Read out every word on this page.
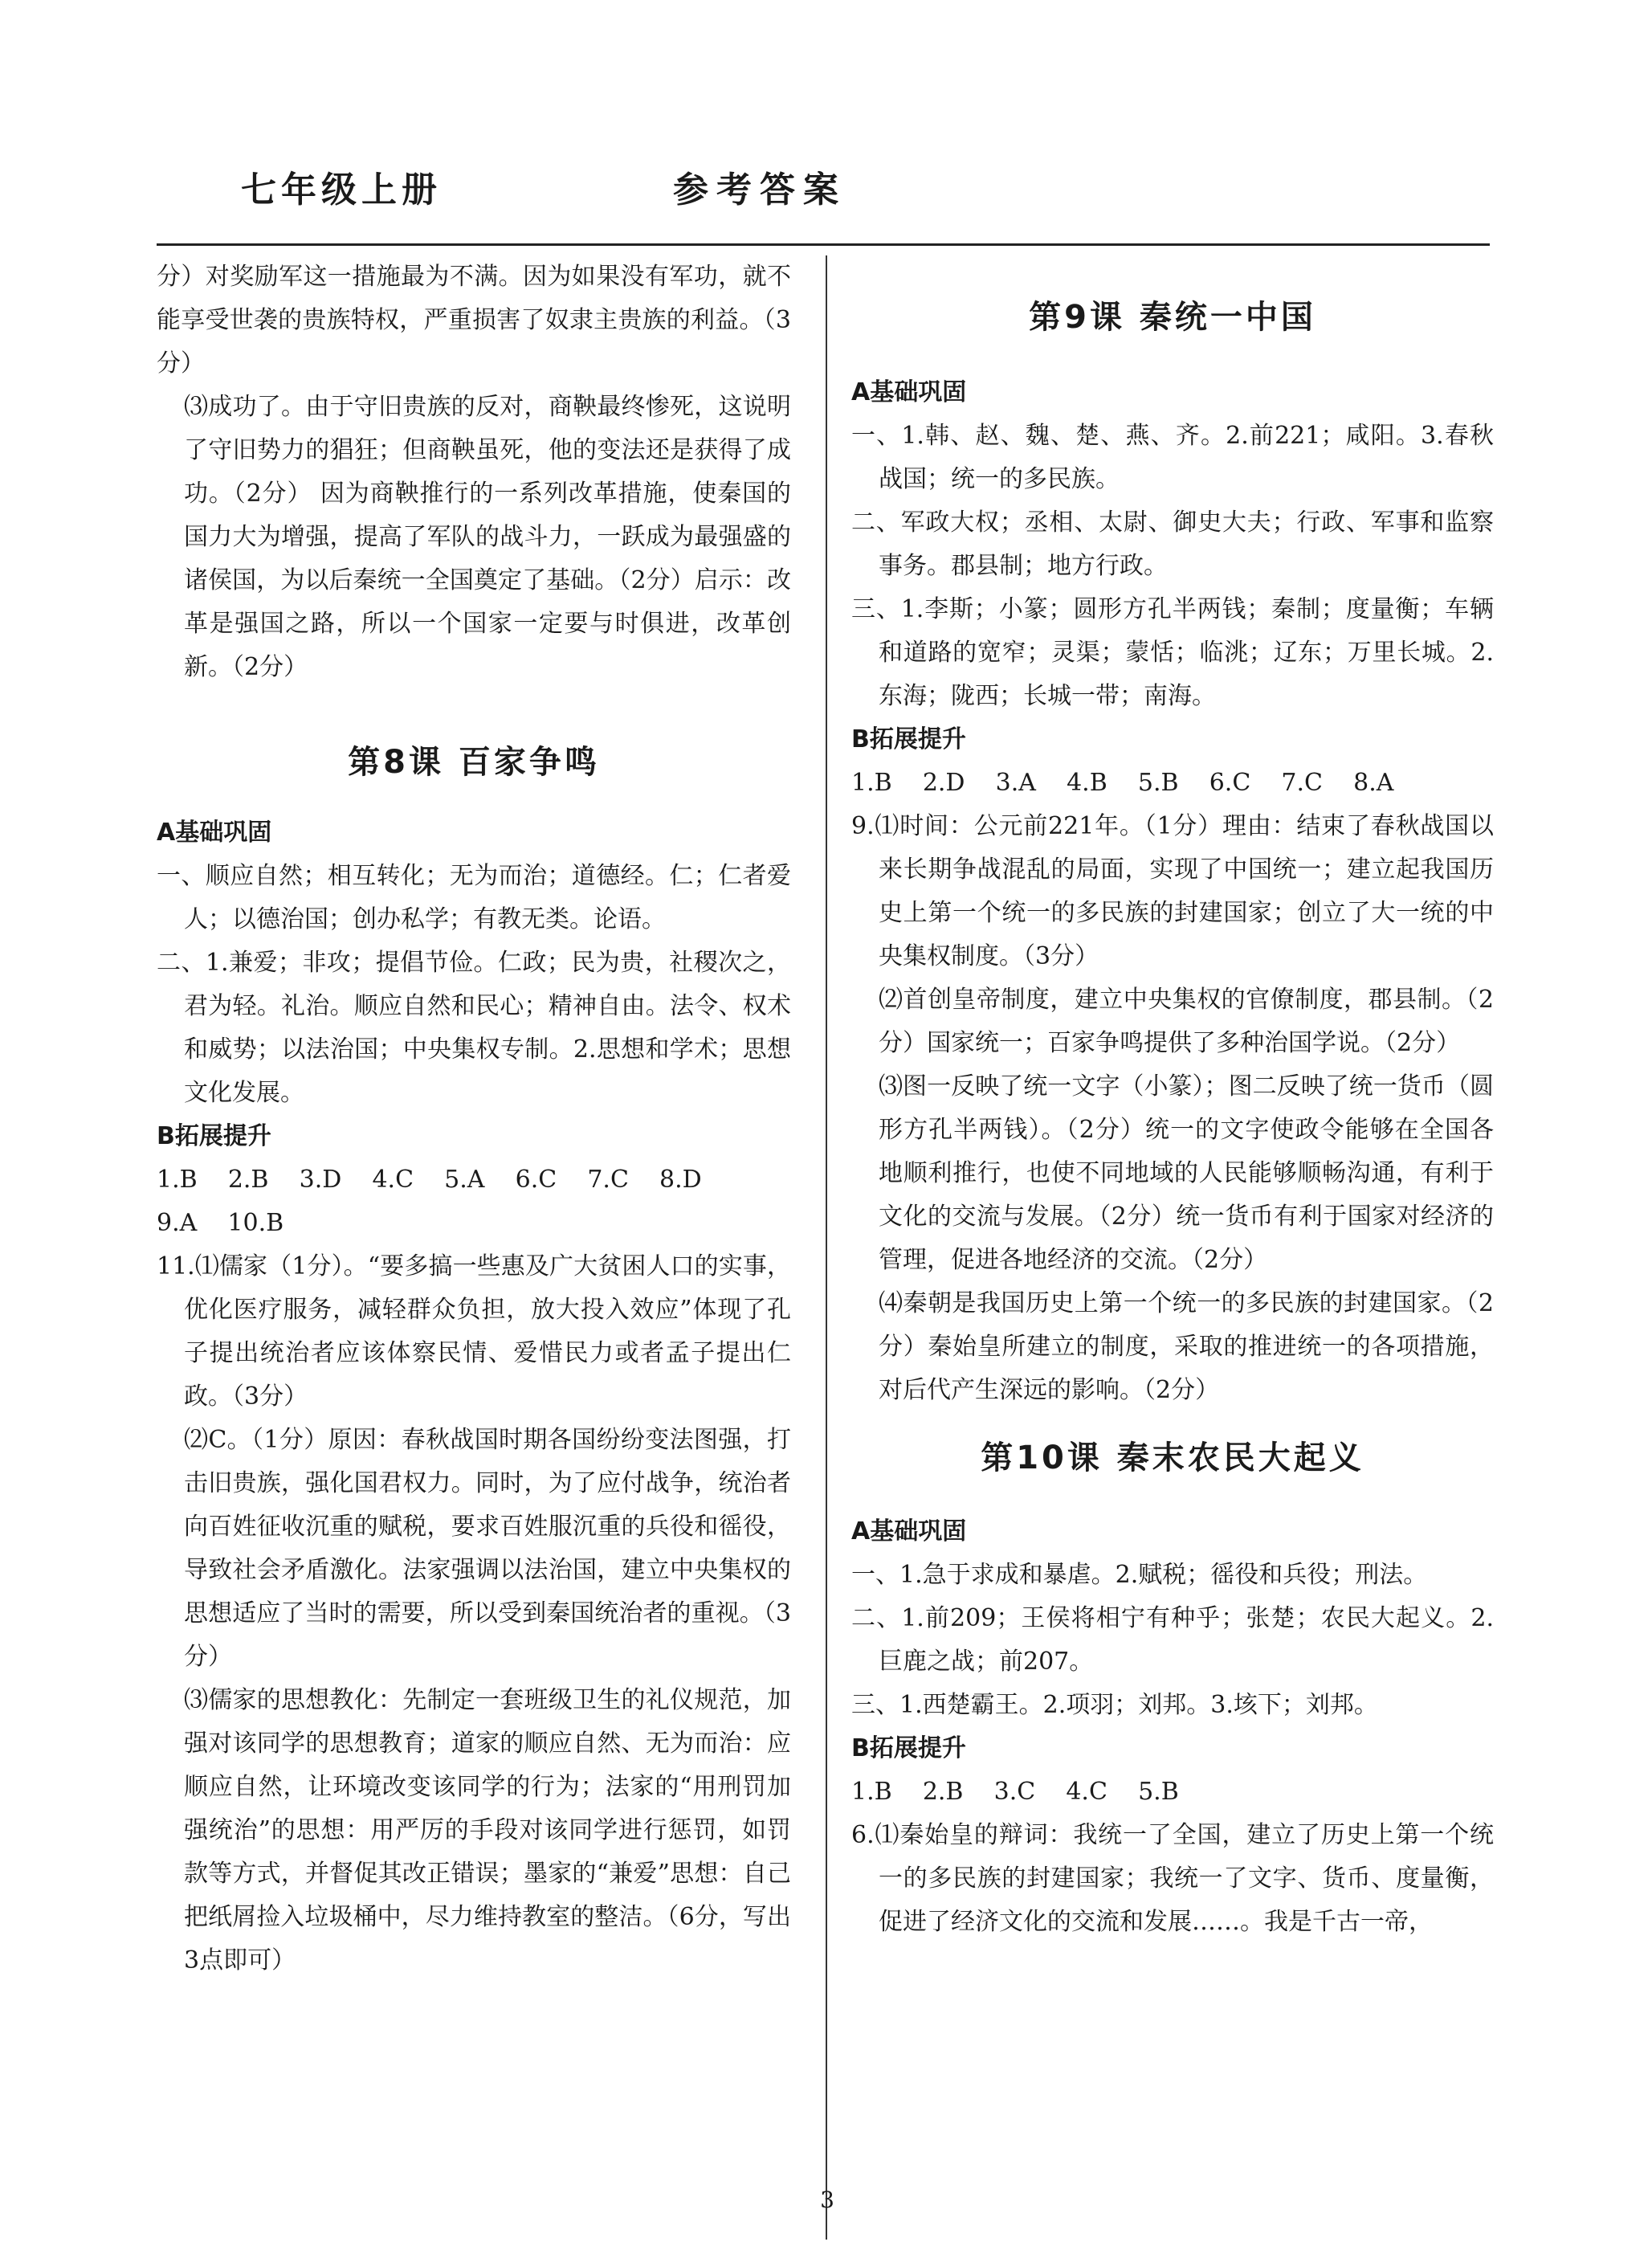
七年级上册	参考答案

分）对奖励军这一措施最为不满。因为如果没有军功，就不能享受世袭的贵族特权，严重损害了奴隶主贵族的利益。（3分）

⑶成功了。由于守旧贵族的反对，商鞅最终惨死，这说明了守旧势力的猖狂；但商鞅虽死，他的变法还是获得了成功。（2分） 因为商鞅推行的一系列改革措施，使秦国的国力大为增强，提高了军队的战斗力，一跃成为最强盛的诸侯国，为以后秦统一全国奠定了基础。（2分）启示：改革是强国之路，所以一个国家一定要与时俱进，改革创新。（2分）

第8课 百家争鸣

A基础巩固

一、顺应自然；相互转化；无为而治；道德经。仁；仁者爱人；以德治国；创办私学；有教无类。论语。

二、1.兼爱；非攻；提倡节俭。仁政；民为贵，社稷次之，君为轻。礼治。顺应自然和民心；精神自由。法令、权术和威势；以法治国；中央集权专制。2.思想和学术；思想文化发展。

B拓展提升

1.B    2.B    3.D    4.C    5.A    6.C    7.C    8.D

9.A    10.B

11.⑴儒家（1分）。“要多搞一些惠及广大贫困人口的实事，优化医疗服务，减轻群众负担，放大投入效应”体现了孔子提出统治者应该体察民情、爱惜民力或者孟子提出仁政。（3分）

⑵C。（1分）原因：春秋战国时期各国纷纷变法图强，打击旧贵族，强化国君权力。同时，为了应付战争，统治者向百姓征收沉重的赋税，要求百姓服沉重的兵役和徭役，导致社会矛盾激化。法家强调以法治国，建立中央集权的思想适应了当时的需要，所以受到秦国统治者的重视。（3分）

⑶儒家的思想教化：先制定一套班级卫生的礼仪规范，加强对该同学的思想教育；道家的顺应自然、无为而治：应顺应自然，让环境改变该同学的行为；法家的“用刑罚加强统治”的思想：用严厉的手段对该同学进行惩罚，如罚款等方式，并督促其改正错误；墨家的“兼爱”思想：自己把纸屑捡入垃圾桶中，尽力维持教室的整洁。（6分，写出3点即可）

第9课 秦统一中国

A基础巩固

一、1.韩、赵、魏、楚、燕、齐。2.前221；咸阳。3.春秋战国；统一的多民族。

二、军政大权；丞相、太尉、御史大夫；行政、军事和监察事务。郡县制；地方行政。

三、1.李斯；小篆；圆形方孔半两钱；秦制；度量衡；车辆和道路的宽窄；灵渠；蒙恬；临洮；辽东；万里长城。2.东海；陇西；长城一带；南海。

B拓展提升

1.B    2.D    3.A    4.B    5.B    6.C    7.C    8.A

9.⑴时间：公元前221年。（1分）理由：结束了春秋战国以来长期争战混乱的局面，实现了中国统一；建立起我国历史上第一个统一的多民族的封建国家；创立了大一统的中央集权制度。（3分）

⑵首创皇帝制度，建立中央集权的官僚制度，郡县制。（2分）国家统一；百家争鸣提供了多种治国学说。（2分）

⑶图一反映了统一文字（小篆）；图二反映了统一货币（圆形方孔半两钱）。（2分）统一的文字使政令能够在全国各地顺利推行，也使不同地域的人民能够顺畅沟通，有利于文化的交流与发展。（2分）统一货币有利于国家对经济的管理，促进各地经济的交流。（2分）

⑷秦朝是我国历史上第一个统一的多民族的封建国家。（2分）秦始皇所建立的制度，采取的推进统一的各项措施，对后代产生深远的影响。（2分）

第10课 秦末农民大起义

A基础巩固

一、1.急于求成和暴虐。2.赋税；徭役和兵役；刑法。

二、1.前209；王侯将相宁有种乎；张楚；农民大起义。2.巨鹿之战；前207。

三、1.西楚霸王。2.项羽；刘邦。3.垓下；刘邦。

B拓展提升

1.B    2.B    3.C    4.C    5.B

6.⑴秦始皇的辩词：我统一了全国，建立了历史上第一个统一的多民族的封建国家；我统一了文字、货币、度量衡，促进了经济文化的交流和发展……。我是千古一帝，

3
